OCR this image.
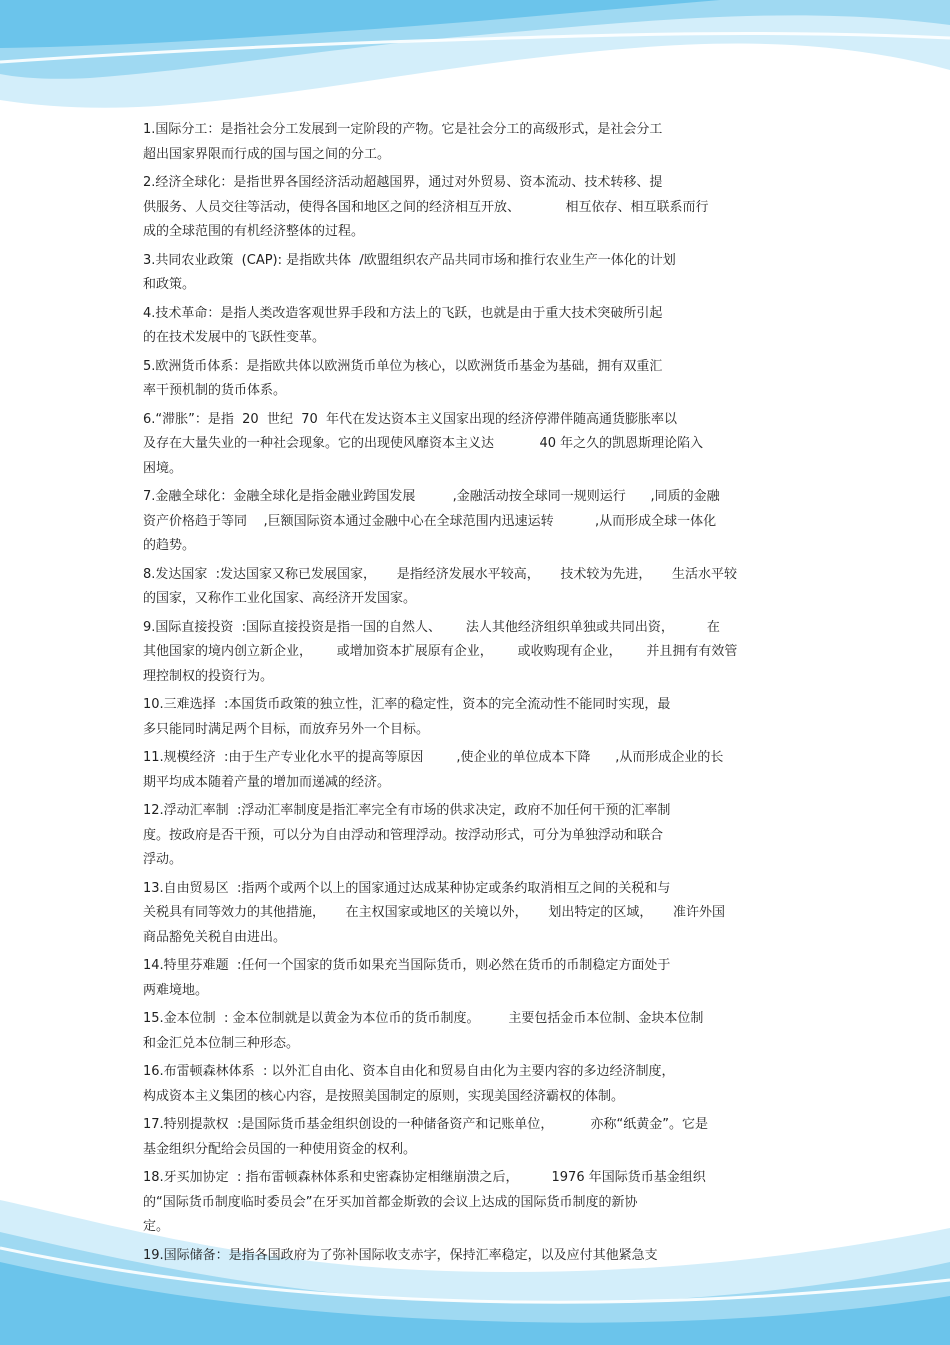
1.国际分工：是指社会分工发展到一定阶段的产物。它是社会分工的高级形式，是社会分工
超出国家界限而行成的国与国之间的分工。
2.经济全球化：是指世界各国经济活动超越国界，通过对外贸易、资本流动、技术转移、提
供服务、人员交往等活动，使得各国和地区之间的经济相互开放、           相互依存、相互联系而行
成的全球范围的有机经济整体的过程。
3.共同农业政策  (CAP): 是指欧共体  /欧盟组织农产品共同市场和推行农业生产一体化的计划
和政策。
4.技术革命：是指人类改造客观世界手段和方法上的飞跃，也就是由于重大技术突破所引起
的在技术发展中的飞跃性变革。
5.欧洲货币体系：是指欧共体以欧洲货币单位为核心，以欧洲货币基金为基础，拥有双重汇
率干预机制的货币体系。
6.“滞胀”：是指  20  世纪  70  年代在发达资本主义国家出现的经济停滞伴随高通货膨胀率以
及存在大量失业的一种社会现象。它的出现使风靡资本主义达           40 年之久的凯恩斯理论陷入
困境。
7.金融全球化：金融全球化是指金融业跨国发展         ,金融活动按全球同一规则运行      ,同质的金融
资产价格趋于等同    ,巨额国际资本通过金融中心在全球范围内迅速运转          ,从而形成全球一体化
的趋势。
8.发达国家  :发达国家又称已发展国家，     是指经济发展水平较高，     技术较为先进，     生活水平较
的国家，又称作工业化国家、高经济开发国家。
9.国际直接投资  :国际直接投资是指一国的自然人、      法人其他经济组织单独或共同出资，        在
其他国家的境内创立新企业，      或增加资本扩展原有企业，      或收购现有企业，      并且拥有有效管
理控制权的投资行为。
10.三难选择  :本国货币政策的独立性，汇率的稳定性，资本的完全流动性不能同时实现，最
多只能同时满足两个目标，而放弃另外一个目标。
11.规模经济  :由于生产专业化水平的提高等原因        ,使企业的单位成本下降      ,从而形成企业的长
期平均成本随着产量的增加而递减的经济。
12.浮动汇率制  :浮动汇率制度是指汇率完全有市场的供求决定，政府不加任何干预的汇率制
度。按政府是否干预，可以分为自由浮动和管理浮动。按浮动形式，可分为单独浮动和联合
浮动。
13.自由贸易区  :指两个或两个以上的国家通过达成某种协定或条约取消相互之间的关税和与
关税具有同等效力的其他措施，     在主权国家或地区的关境以外，     划出特定的区域，     准许外国
商品豁免关税自由进出。
14.特里芬难题  :任何一个国家的货币如果充当国际货币，则必然在货币的币制稳定方面处于
两难境地。
15.金本位制  : 金本位制就是以黄金为本位币的货币制度。       主要包括金币本位制、金块本位制
和金汇兑本位制三种形态。
16.布雷顿森林体系  : 以外汇自由化、资本自由化和贸易自由化为主要内容的多边经济制度，
构成资本主义集团的核心内容，是按照美国制定的原则，实现美国经济霸权的体制。
17.特别提款权  :是国际货币基金组织创设的一种储备资产和记账单位，         亦称“纸黄金”。它是
基金组织分配给会员国的一种使用资金的权利。
18.牙买加协定  : 指布雷顿森林体系和史密森协定相继崩溃之后，        1976 年国际货币基金组织
的“国际货币制度临时委员会”在牙买加首都金斯敦的会议上达成的国际货币制度的新协
定。
19.国际储备：是指各国政府为了弥补国际收支赤字，保持汇率稳定，以及应付其他紧急支
